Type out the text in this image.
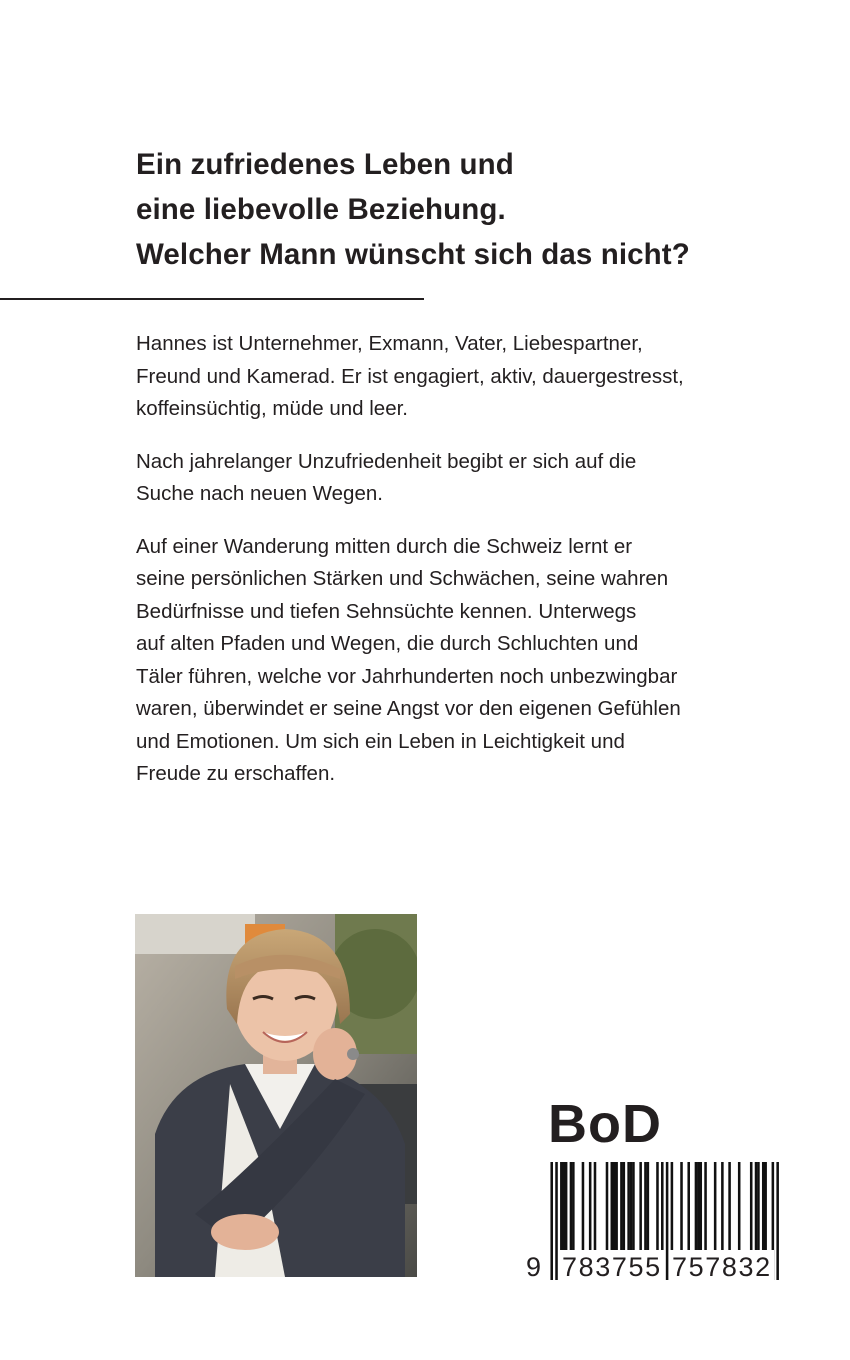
Ein zufriedenes Leben und
eine liebevolle Beziehung.
Welcher Mann wünscht sich das nicht?

Hannes ist Unternehmer, Exmann, Vater, Liebespartner,
Freund und Kamerad. Er ist engagiert, aktiv, dauergestresst,
koffeinsüchtig, müde und leer.

Nach jahrelanger Unzufriedenheit begibt er sich auf die
Suche nach neuen Wegen.

Auf einer Wanderung mitten durch die Schweiz lernt er
seine persönlichen Stärken und Schwächen, seine wahren
Bedürfnisse und tiefen Sehnsüchte kennen. Unterwegs
auf alten Pfaden und Wegen, die durch Schluchten und
Täler führen, welche vor Jahrhunderten noch unbezwingbar
waren, überwindet er seine Angst vor den eigenen Gefühlen
und Emotionen. Um sich ein Leben in Leichtigkeit und
Freude zu erschaffen.

BoD
9 783755 757832
